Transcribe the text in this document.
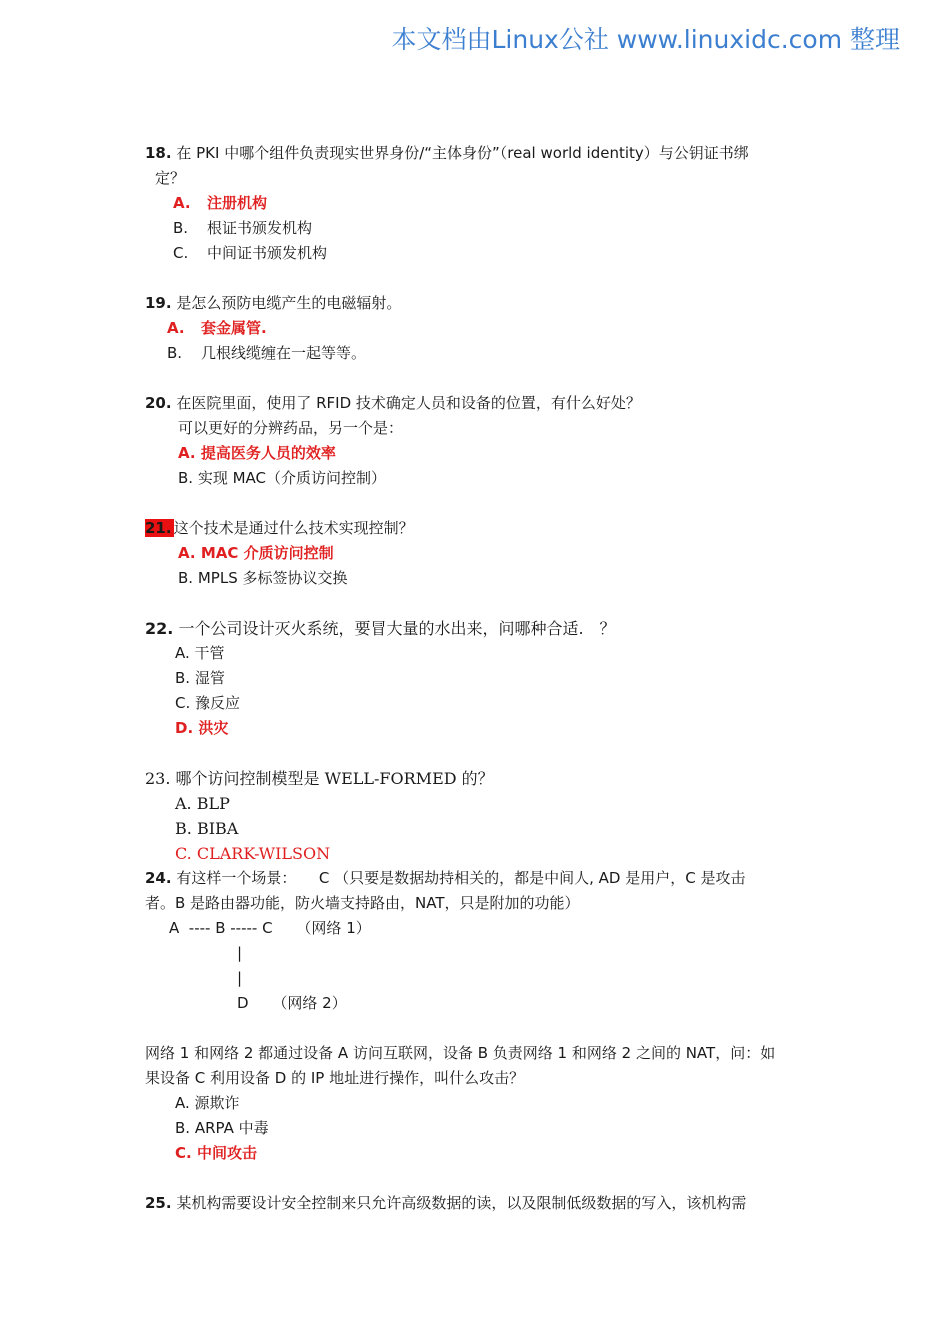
本文档由Linux公社 www.linuxidc.com 整理
18. 在 PKI 中哪个组件负责现实世界身份/“主体身份”（real world identity）与公钥证书绑
定？
A. 注册机构
B. 根证书颁发机构
C. 中间证书颁发机构
19. 是怎么预防电缆产生的电磁辐射。
A. 套金属管.
B. 几根线缆缠在一起等等。
20. 在医院里面，使用了 RFID 技术确定人员和设备的位置，有什么好处？
可以更好的分辨药品，另一个是：
A. 提高医务人员的效率
B. 实现 MAC（介质访问控制）
21. 这个技术是通过什么技术实现控制？
A. MAC 介质访问控制
B. MPLS 多标签协议交换
22. 一个公司设计灭火系统，要冒大量的水出来，问哪种合适.　？
A. 干管
B. 湿管
C. 豫反应
D. 洪灾
23. 哪个访问控制模型是 WELL-FORMED 的？
A. BLP
B. BIBA
C. CLARK-WILSON
24. 有这样一个场景：　　C （只要是数据劫持相关的，都是中间人, AD 是用户，C 是攻击
者。B 是路由器功能，防火墙支持路由，NAT，只是附加的功能）
A  ---- B ----- C     （网络 1）
|
|
D     （网络 2）
网络 1 和网络 2 都通过设备 A 访问互联网，设备 B 负责网络 1 和网络 2 之间的 NAT，问：如
果设备 C 利用设备 D 的 IP 地址进行操作，叫什么攻击？
A. 源欺诈
B. ARPA 中毒
C. 中间攻击
25. 某机构需要设计安全控制来只允许高级数据的读，以及限制低级数据的写入，该机构需
